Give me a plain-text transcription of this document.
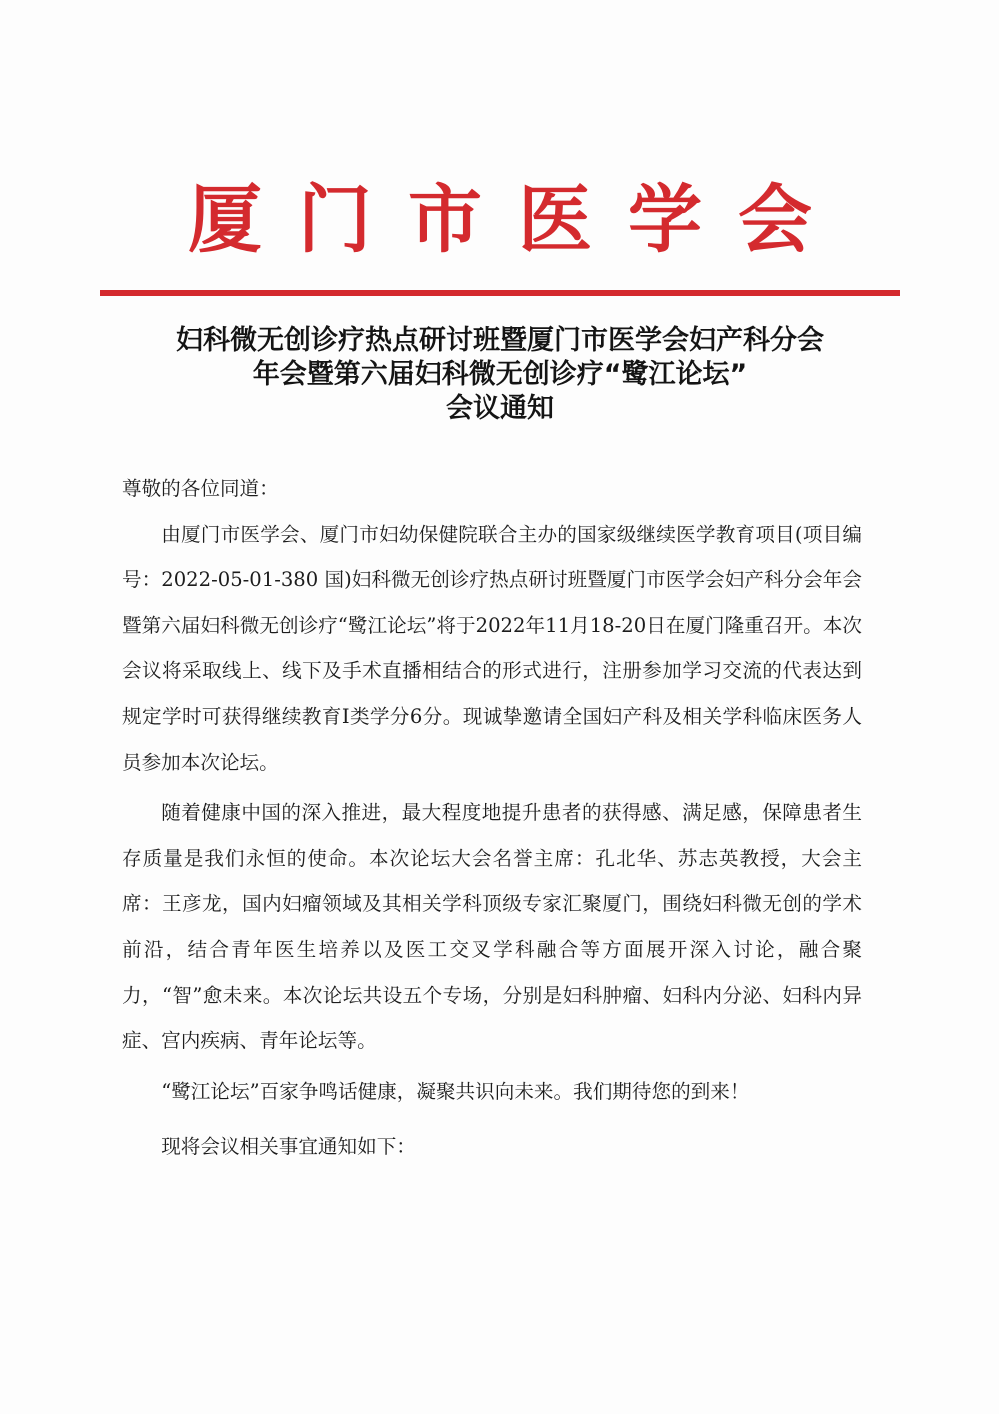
厦门市医学会
妇科微无创诊疗热点研讨班暨厦门市医学会妇产科分会
年会暨第六届妇科微无创诊疗“鹭江论坛”
会议通知

尊敬的各位同道：

由厦门市医学会、厦门市妇幼保健院联合主办的国家级继续医学教育项目(项目编号：2022-05-01-380 国)妇科微无创诊疗热点研讨班暨厦门市医学会妇产科分会年会暨第六届妇科微无创诊疗“鹭江论坛”将于2022年11月18-20日在厦门隆重召开。本次会议将采取线上、线下及手术直播相结合的形式进行，注册参加学习交流的代表达到规定学时可获得继续教育I类学分6分。现诚挚邀请全国妇产科及相关学科临床医务人员参加本次论坛。

随着健康中国的深入推进，最大程度地提升患者的获得感、满足感，保障患者生存质量是我们永恒的使命。本次论坛大会名誉主席：孔北华、苏志英教授，大会主席：王彦龙，国内妇瘤领域及其相关学科顶级专家汇聚厦门，围绕妇科微无创的学术前沿，结合青年医生培养以及医工交叉学科融合等方面展开深入讨论，融合聚力，“智”愈未来。本次论坛共设五个专场，分别是妇科肿瘤、妇科内分泌、妇科内异症、宫内疾病、青年论坛等。

“鹭江论坛”百家争鸣话健康，凝聚共识向未来。我们期待您的到来！

现将会议相关事宜通知如下：
